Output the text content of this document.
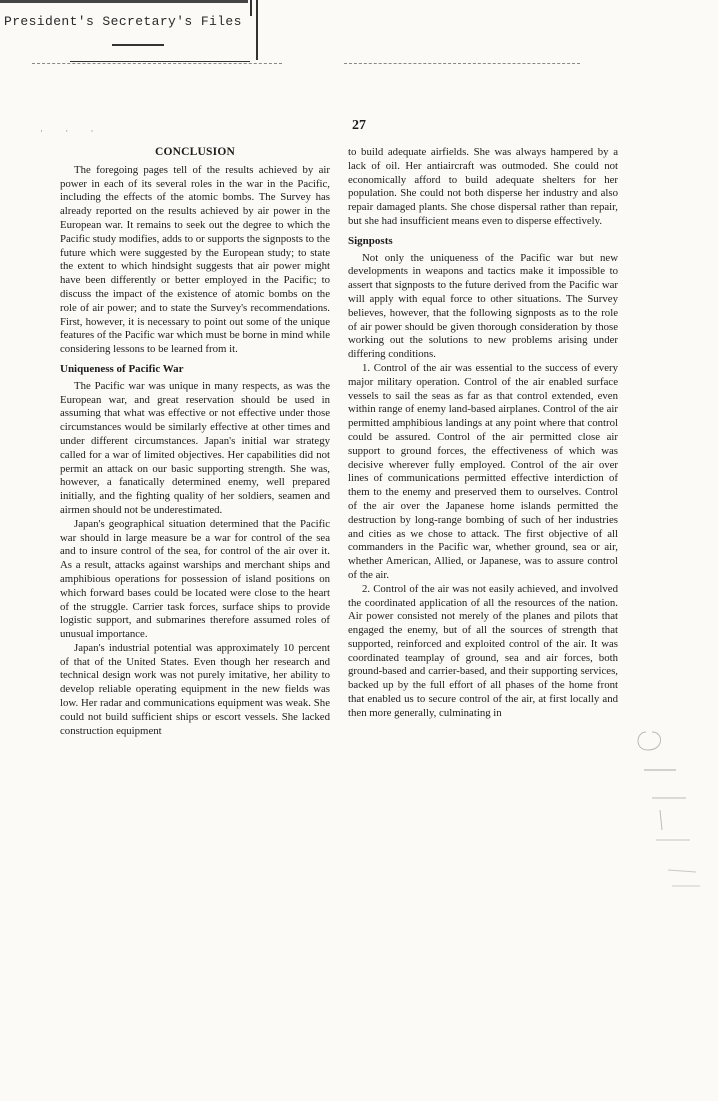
President's Secretary's Files
· · ·	27
CONCLUSION

The foregoing pages tell of the results achieved by air power in each of its several roles in the war in the Pacific, including the effects of the atomic bombs. The Survey has already reported on the results achieved by air power in the European war. It remains to seek out the degree to which the Pacific study modifies, adds to or supports the signposts to the future which were suggested by the European study; to state the extent to which hindsight suggests that air power might have been differently or better employed in the Pacific; to discuss the impact of the existence of atomic bombs on the role of air power; and to state the Survey's recommendations. First, however, it is necessary to point out some of the unique features of the Pacific war which must be borne in mind while considering lessons to be learned from it.

Uniqueness of Pacific War

The Pacific war was unique in many respects, as was the European war, and great reservation should be used in assuming that what was effective or not effective under those circumstances would be similarly effective at other times and under different circumstances. Japan's initial war strategy called for a war of limited objectives. Her capabilities did not permit an attack on our basic supporting strength. She was, however, a fanatically determined enemy, well prepared initially, and the fighting quality of her soldiers, seamen and airmen should not be underestimated.

Japan's geographical situation determined that the Pacific war should in large measure be a war for control of the sea and to insure control of the sea, for control of the air over it. As a result, attacks against warships and merchant ships and amphibious operations for possession of island positions on which forward bases could be located were close to the heart of the struggle. Carrier task forces, surface ships to provide logistic support, and submarines therefore assumed roles of unusual importance.

Japan's industrial potential was approximately 10 percent of that of the United States. Even though her research and technical design work was not purely imitative, her ability to develop reliable operating equipment in the new fields was low. Her radar and communications equipment was weak. She could not build sufficient ships or escort vessels. She lacked construction equipment

to build adequate airfields. She was always hampered by a lack of oil. Her antiaircraft was outmoded. She could not economically afford to build adequate shelters for her population. She could not both disperse her industry and also repair damaged plants. She chose dispersal rather than repair, but she had insufficient means even to disperse effectively.

Signposts

Not only the uniqueness of the Pacific war but new developments in weapons and tactics make it impossible to assert that signposts to the future derived from the Pacific war will apply with equal force to other situations. The Survey believes, however, that the following signposts as to the role of air power should be given thorough consideration by those working out the solutions to new problems arising under differing conditions.

1. Control of the air was essential to the success of every major military operation. Control of the air enabled surface vessels to sail the seas as far as that control extended, even within range of enemy land-based airplanes. Control of the air permitted amphibious landings at any point where that control could be assured. Control of the air permitted close air support to ground forces, the effectiveness of which was decisive wherever fully employed. Control of the air over lines of communications permitted effective interdiction of them to the enemy and preserved them to ourselves. Control of the air over the Japanese home islands permitted the destruction by long-range bombing of such of her industries and cities as we chose to attack. The first objective of all commanders in the Pacific war, whether ground, sea or air, whether American, Allied, or Japanese, was to assure control of the air.

2. Control of the air was not easily achieved, and involved the coordinated application of all the resources of the nation. Air power consisted not merely of the planes and pilots that engaged the enemy, but of all the sources of strength that supported, reinforced and exploited control of the air. It was coordinated teamplay of ground, sea and air forces, both ground-based and carrier-based, and their supporting services, backed up by the full effort of all phases of the home front that enabled us to secure control of the air, at first locally and then more generally, culminating in
